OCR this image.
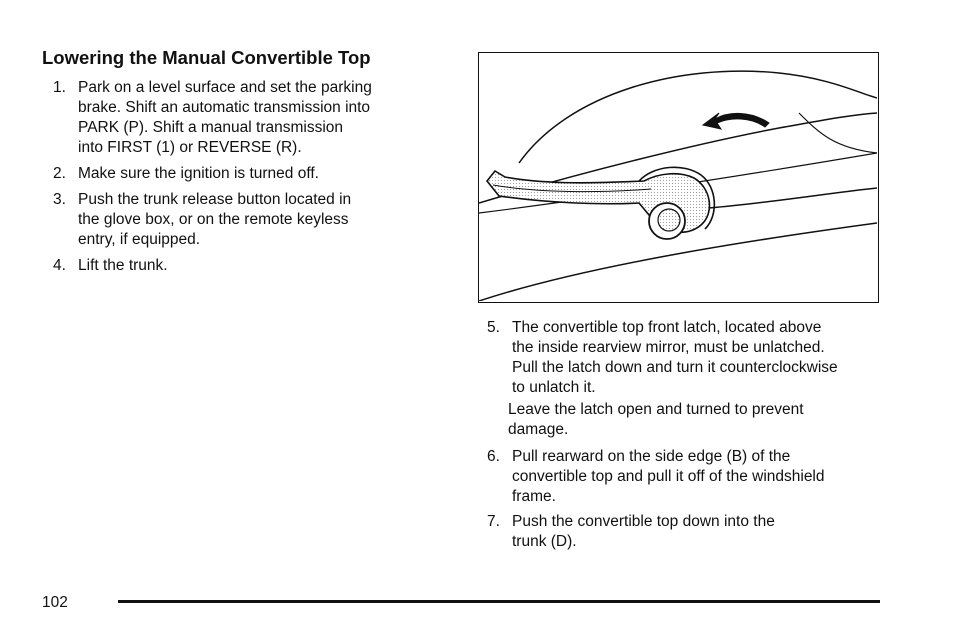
Lowering the Manual Convertible Top
1. Park on a level surface and set the parking
brake. Shift an automatic transmission into
PARK (P). Shift a manual transmission
into FIRST (1) or REVERSE (R).
2. Make sure the ignition is turned off.
3. Push the trunk release button located in
the glove box, or on the remote keyless
entry, if equipped.
4. Lift the trunk.
5. The convertible top front latch, located above
the inside rearview mirror, must be unlatched.
Pull the latch down and turn it counterclockwise
to unlatch it.
Leave the latch open and turned to prevent
damage.
6. Pull rearward on the side edge (B) of the
convertible top and pull it off of the windshield
frame.
7. Push the convertible top down into the
trunk (D).
102
